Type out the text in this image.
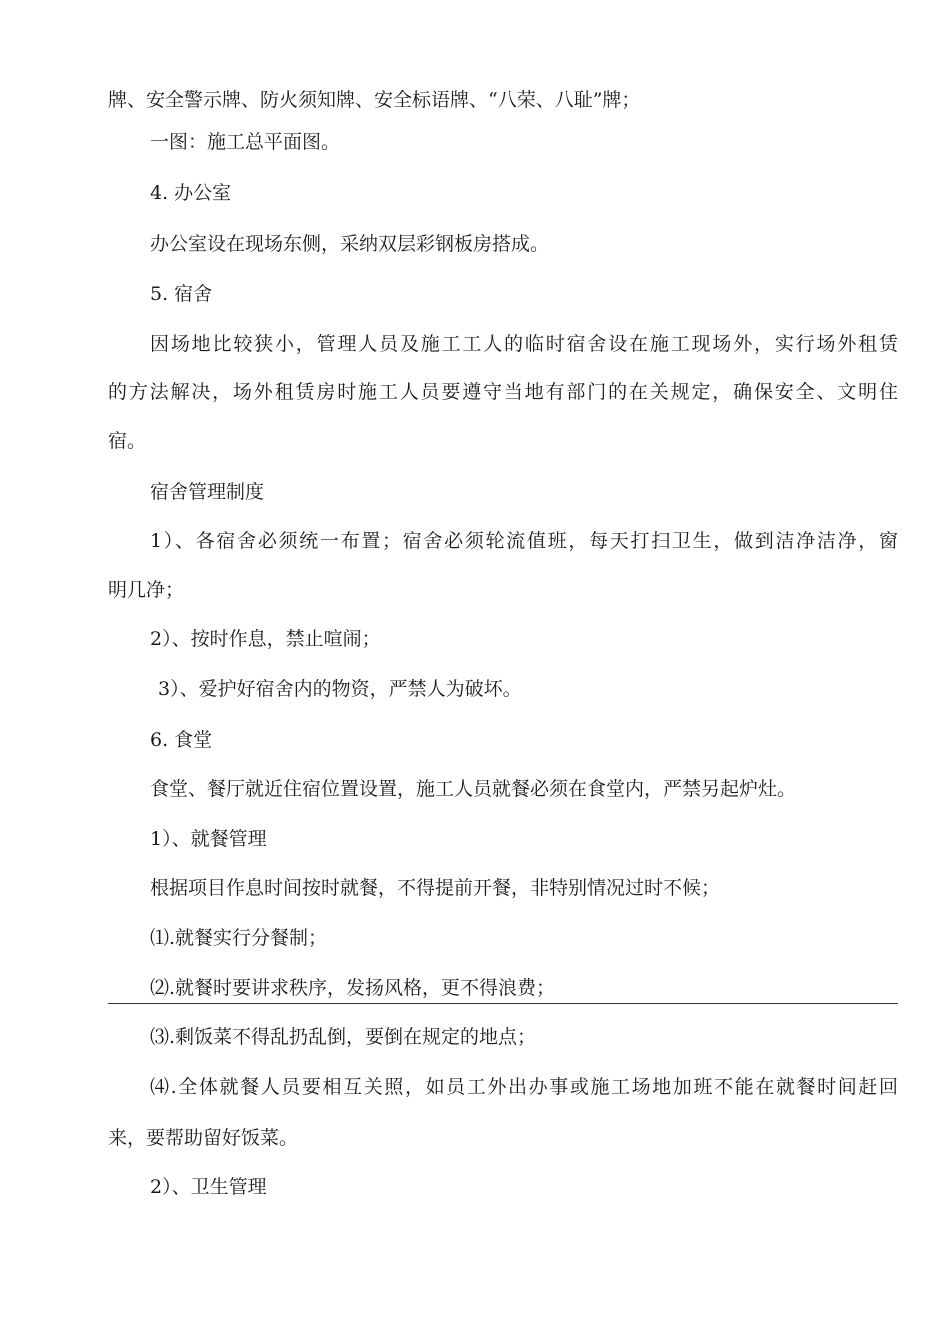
牌、安全警示牌、防火须知牌、安全标语牌、“八荣、八耻”牌；

一图：施工总平面图。

4. 办公室

办公室设在现场东侧，采纳双层彩钢板房搭成。

5. 宿舍

因场地比较狭小，管理人员及施工工人的临时宿舍设在施工现场外，实行场外租赁

的方法解决，场外租赁房时施工人员要遵守当地有部门的在关规定，确保安全、文明住

宿。

宿舍管理制度

1）、各宿舍必须统一布置；宿舍必须轮流值班，每天打扫卫生，做到洁净洁净，窗

明几净；

2）、按时作息，禁止喧闹；

3）、爱护好宿舍内的物资，严禁人为破坏。

6. 食堂

食堂、餐厅就近住宿位置设置，施工人员就餐必须在食堂内，严禁另起炉灶。

1）、就餐管理

根据项目作息时间按时就餐，不得提前开餐，非特别情况过时不候；

⑴.就餐实行分餐制；

⑵.就餐时要讲求秩序，发扬风格，更不得浪费；

⑶.剩饭菜不得乱扔乱倒，要倒在规定的地点；

⑷.全体就餐人员要相互关照，如员工外出办事或施工场地加班不能在就餐时间赶回

来，要帮助留好饭菜。

2）、卫生管理
